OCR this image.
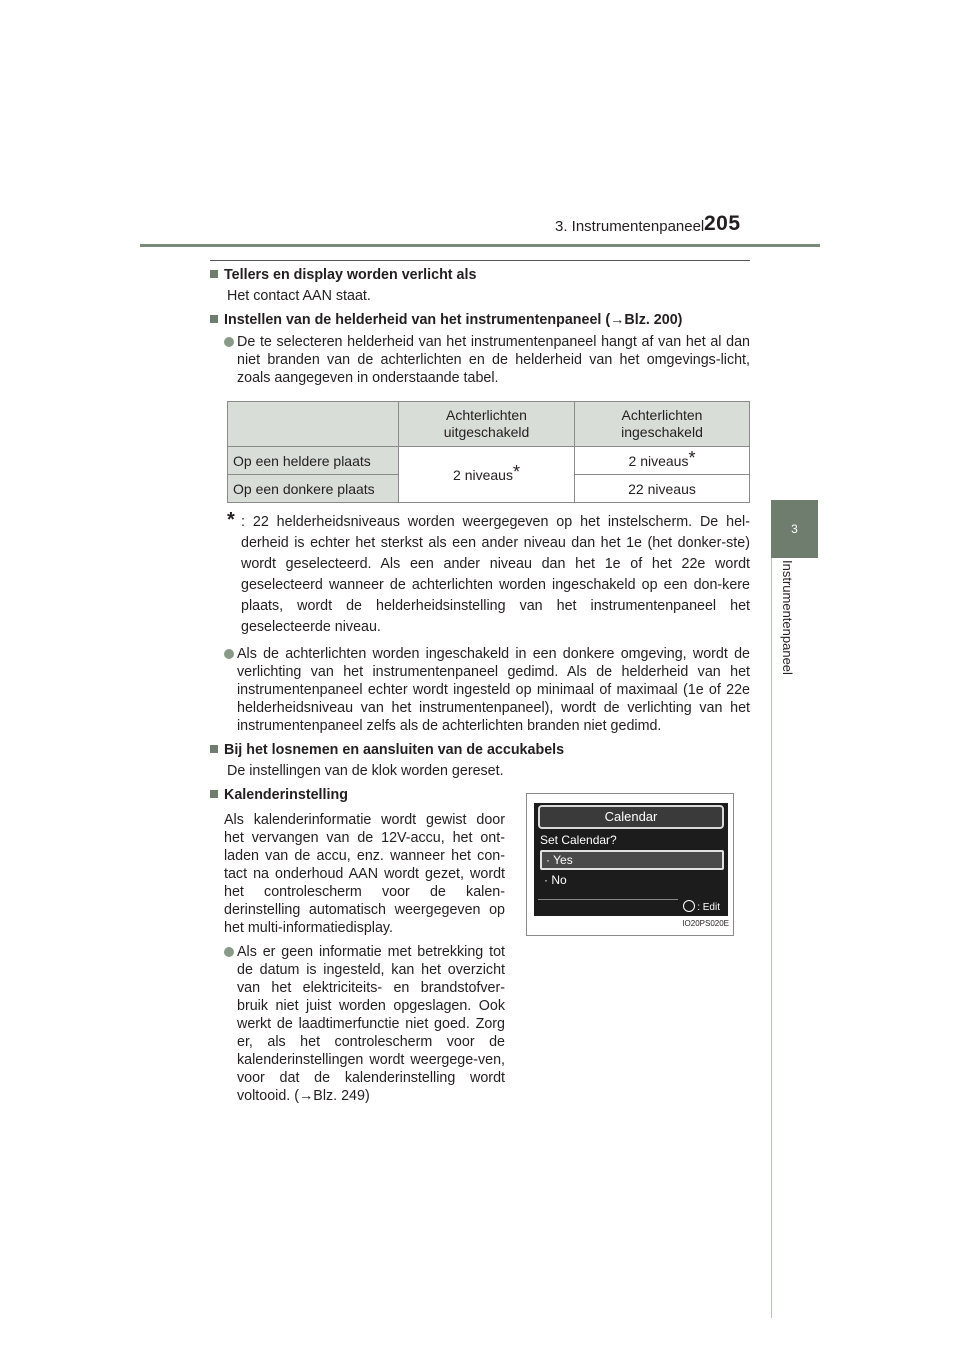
3. Instrumentenpaneel 205
3
Instrumentenpaneel
Tellers en display worden verlicht als
Het contact AAN staat.
Instellen van de helderheid van het instrumentenpaneel (→Blz. 200)
De te selecteren helderheid van het instrumentenpaneel hangt af van het al dan niet branden van de achterlichten en de helderheid van het omgevings-licht, zoals aangegeven in onderstaande tabel.
	Achterlichten uitgeschakeld	Achterlichten ingeschakeld
Op een heldere plaats	2 niveaus*	2 niveaus*
Op een donkere plaats		22 niveaus
* : 22 helderheidsniveaus worden weergegeven op het instelscherm. De hel-derheid is echter het sterkst als een ander niveau dan het 1e (het donker-ste) wordt geselecteerd. Als een ander niveau dan het 1e of het 22e wordt geselecteerd wanneer de achterlichten worden ingeschakeld op een don-kere plaats, wordt de helderheidsinstelling van het instrumentenpaneel het geselecteerde niveau.
Als de achterlichten worden ingeschakeld in een donkere omgeving, wordt de verlichting van het instrumentenpaneel gedimd. Als de helderheid van het instrumentenpaneel echter wordt ingesteld op minimaal of maximaal (1e of 22e helderheidsniveau van het instrumentenpaneel), wordt de verlichting van het instrumentenpaneel zelfs als de achterlichten branden niet gedimd.
Bij het losnemen en aansluiten van de accukabels
De instellingen van de klok worden gereset.
Kalenderinstelling
Als kalenderinformatie wordt gewist door het vervangen van de 12V-accu, het ont-laden van de accu, enz. wanneer het con-tact na onderhoud AAN wordt gezet, wordt het controlescherm voor de kalen-derinstelling automatisch weergegeven op het multi-informatiedisplay.
Als er geen informatie met betrekking tot de datum is ingesteld, kan het overzicht van het elektriciteits- en brandstofver-bruik niet juist worden opgeslagen. Ook werkt de laadtimerfunctie niet goed. Zorg er, als het controlescherm voor de kalenderinstellingen wordt weergege-ven, voor dat de kalenderinstelling wordt voltooid. (→Blz. 249)
Calendar
Set Calendar?
· Yes
· No
: Edit
IO20PS020E
